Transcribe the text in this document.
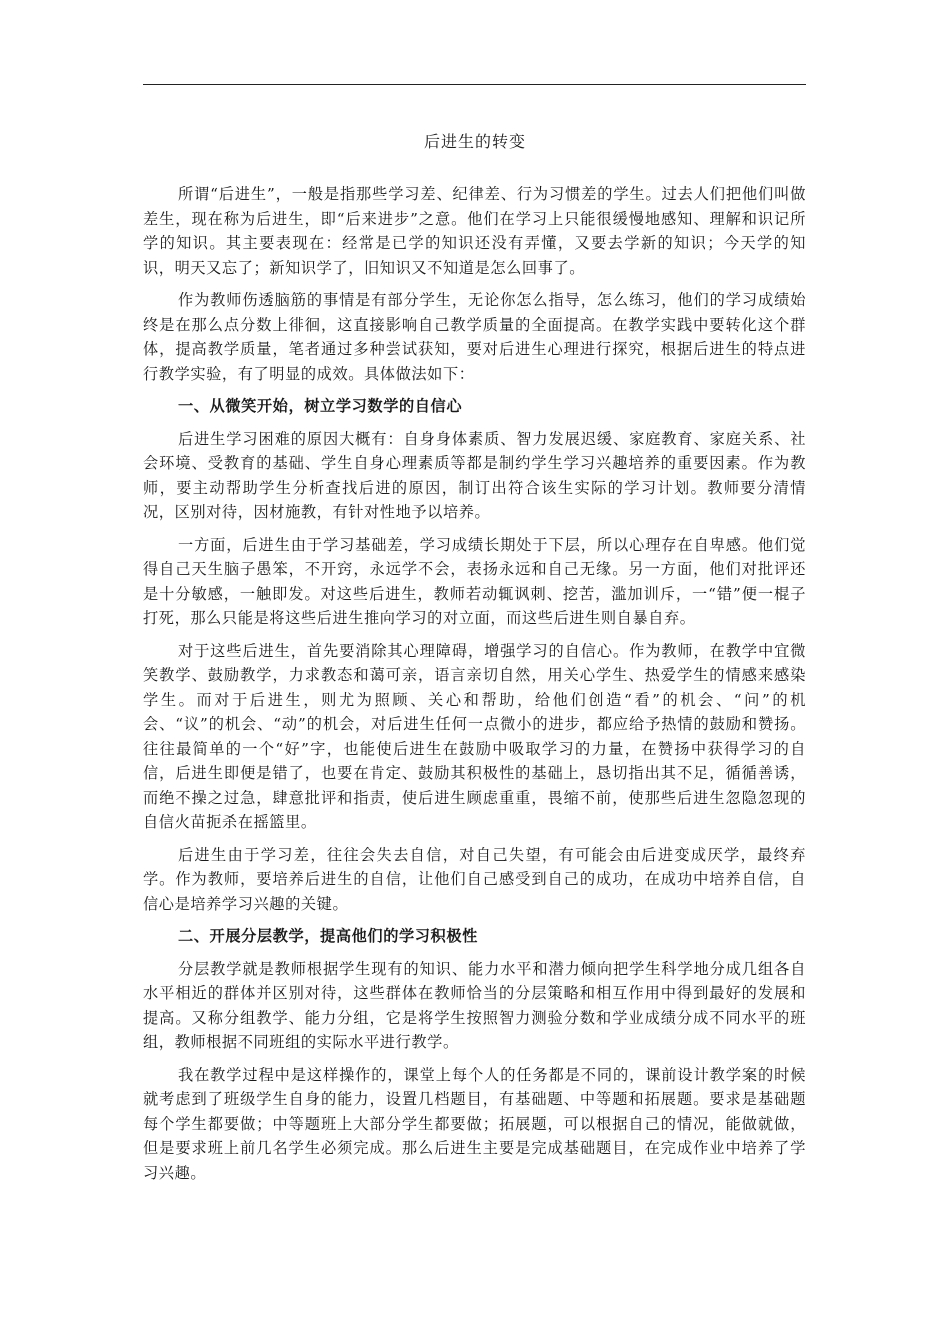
后进生的转变

所谓“后进生”，一般是指那些学习差、纪律差、行为习惯差的学生。过去人们把他们叫做差生，现在称为后进生，即“后来进步”之意。他们在学习上只能很缓慢地感知、理解和识记所学的知识。其主要表现在：经常是已学的知识还没有弄懂，又要去学新的知识；今天学的知识，明天又忘了；新知识学了，旧知识又不知道是怎么回事了。

作为教师伤透脑筋的事情是有部分学生，无论你怎么指导，怎么练习，他们的学习成绩始终是在那么点分数上徘徊，这直接影响自己教学质量的全面提高。在教学实践中要转化这个群体，提高教学质量，笔者通过多种尝试获知，要对后进生心理进行探究，根据后进生的特点进行教学实验，有了明显的成效。具体做法如下：

一、从微笑开始，树立学习数学的自信心

后进生学习困难的原因大概有：自身身体素质、智力发展迟缓、家庭教育、家庭关系、社会环境、受教育的基础、学生自身心理素质等都是制约学生学习兴趣培养的重要因素。作为教师，要主动帮助学生分析查找后进的原因，制订出符合该生实际的学习计划。教师要分清情况，区别对待，因材施教，有针对性地予以培养。

一方面，后进生由于学习基础差，学习成绩长期处于下层，所以心理存在自卑感。他们觉得自己天生脑子愚笨，不开窍，永远学不会，表扬永远和自己无缘。另一方面，他们对批评还是十分敏感，一触即发。对这些后进生，教师若动辄讽刺、挖苦，滥加训斥，一“错”便一棍子打死，那么只能是将这些后进生推向学习的对立面，而这些后进生则自暴自弃。

对于这些后进生，首先要消除其心理障碍，增强学习的自信心。作为教师，在教学中宜微笑教学、鼓励教学，力求教态和蔼可亲，语言亲切自然，用关心学生、热爱学生的情感来感染学生。而对于后进生，则尤为照顾、关心和帮助，给他们创造“看”的机会、“问”的机会、“议”的机会、“动”的机会，对后进生任何一点微小的进步，都应给予热情的鼓励和赞扬。往往最简单的一个“好”字，也能使后进生在鼓励中吸取学习的力量，在赞扬中获得学习的自信，后进生即便是错了，也要在肯定、鼓励其积极性的基础上，恳切指出其不足，循循善诱，而绝不操之过急，肆意批评和指责，使后进生顾虑重重，畏缩不前，使那些后进生忽隐忽现的自信火苗扼杀在摇篮里。

后进生由于学习差，往往会失去自信，对自己失望，有可能会由后进变成厌学，最终弃学。作为教师，要培养后进生的自信，让他们自己感受到自己的成功，在成功中培养自信，自信心是培养学习兴趣的关键。

二、开展分层教学，提高他们的学习积极性

分层教学就是教师根据学生现有的知识、能力水平和潜力倾向把学生科学地分成几组各自水平相近的群体并区别对待，这些群体在教师恰当的分层策略和相互作用中得到最好的发展和提高。又称分组教学、能力分组，它是将学生按照智力测验分数和学业成绩分成不同水平的班组，教师根据不同班组的实际水平进行教学。

我在教学过程中是这样操作的，课堂上每个人的任务都是不同的，课前设计教学案的时候就考虑到了班级学生自身的能力，设置几档题目，有基础题、中等题和拓展题。要求是基础题每个学生都要做；中等题班上大部分学生都要做；拓展题，可以根据自己的情况，能做就做，但是要求班上前几名学生必须完成。那么后进生主要是完成基础题目，在完成作业中培养了学习兴趣。
